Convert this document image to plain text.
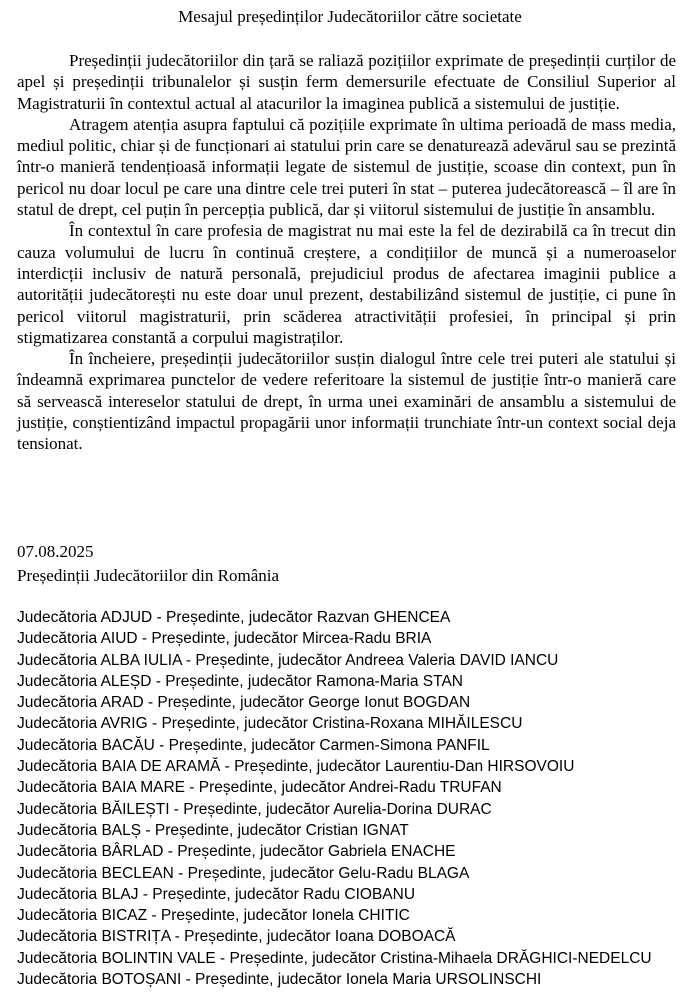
Mesajul președinților Judecătoriilor către societate

Președinții judecătoriilor din țară se raliază pozițiilor exprimate de președinții curților de apel și președinții tribunalelor și susțin ferm demersurile efectuate de Consiliul Superior al Magistraturii în contextul actual al atacurilor la imaginea publică a sistemului de justiție.

Atragem atenția asupra faptului că pozițiile exprimate în ultima perioadă de mass media, mediul politic, chiar și de funcționari ai statului prin care se denaturează adevărul sau se prezintă într-o manieră tendențioasă informații legate de sistemul de justiție, scoase din context, pun în pericol nu doar locul pe care una dintre cele trei puteri în stat – puterea judecătorească – îl are în statul de drept, cel puțin în percepția publică, dar și viitorul sistemului de justiție în ansamblu.

În contextul în care profesia de magistrat nu mai este la fel de dezirabilă ca în trecut din cauza volumului de lucru în continuă creștere, a condițiilor de muncă și a numeroaselor interdicții inclusiv de natură personală, prejudiciul produs de afectarea imaginii publice a autorității judecătorești nu este doar unul prezent, destabilizând sistemul de justiție, ci pune în pericol viitorul magistraturii, prin scăderea atractivității profesiei, în principal și prin stigmatizarea constantă a corpului magistraților.

În încheiere, președinții judecătoriilor susțin dialogul între cele trei puteri ale statului și îndeamnă exprimarea punctelor de vedere referitoare la sistemul de justiție într-o manieră care să servească intereselor statului de drept, în urma unei examinări de ansamblu a sistemului de justiție, conștientizând impactul propagării unor informații trunchiate într-un context social deja tensionat.

07.08.2025
Președinții Judecătoriilor din România
Judecătoria ADJUD - Președinte, judecător Razvan GHENCEA
Judecătoria AIUD - Președinte, judecător Mircea-Radu BRIA
Judecătoria ALBA IULIA - Președinte, judecător Andreea Valeria DAVID IANCU
Judecătoria ALEȘD - Președinte, judecător Ramona-Maria STAN
Judecătoria ARAD - Președinte, judecător George Ionut BOGDAN
Judecătoria AVRIG - Președinte, judecător Cristina-Roxana MIHĂILESCU
Judecătoria BACĂU - Președinte, judecător Carmen-Simona PANFIL
Judecătoria BAIA DE ARAMĂ - Președinte, judecător Laurentiu-Dan HIRSOVOIU
Judecătoria BAIA MARE - Președinte, judecător Andrei-Radu TRUFAN
Judecătoria BĂILEȘTI - Președinte, judecător Aurelia-Dorina DURAC
Judecătoria BALȘ - Președinte, judecător Cristian IGNAT
Judecătoria BÂRLAD - Președinte, judecător Gabriela ENACHE
Judecătoria BECLEAN - Președinte, judecător Gelu-Radu BLAGA
Judecătoria BLAJ - Președinte, judecător Radu CIOBANU
Judecătoria BICAZ - Președinte, judecător Ionela CHITIC
Judecătoria BISTRIȚA - Președinte, judecător Ioana DOBOACĂ
Judecătoria BOLINTIN VALE - Președinte, judecător Cristina-Mihaela DRĂGHICI-NEDELCU
Judecătoria BOTOȘANI - Președinte, judecător Ionela Maria URSOLINSCHI
